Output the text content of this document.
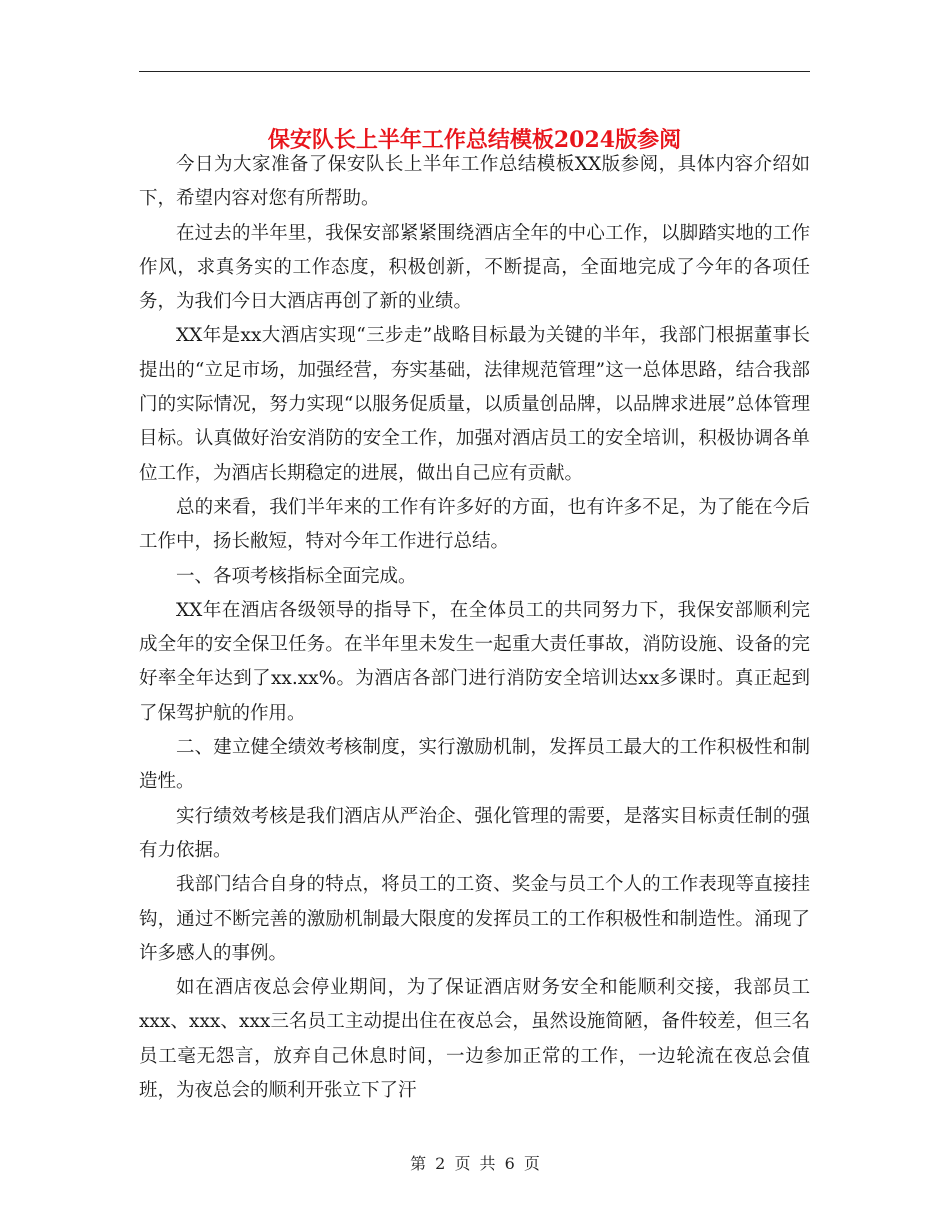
保安队长上半年工作总结模板2024版参阅

今日为大家准备了保安队长上半年工作总结模板XX版参阅，具体内容介绍如下，希望内容对您有所帮助。

在过去的半年里，我保安部紧紧围绕酒店全年的中心工作，以脚踏实地的工作作风，求真务实的工作态度，积极创新，不断提高，全面地完成了今年的各项任务，为我们今日大酒店再创了新的业绩。

XX年是xx大酒店实现“三步走”战略目标最为关键的半年，我部门根据董事长提出的“立足市场，加强经营，夯实基础，法律规范管理”这一总体思路，结合我部门的实际情况，努力实现“以服务促质量，以质量创品牌，以品牌求进展”总体管理目标。认真做好治安消防的安全工作，加强对酒店员工的安全培训，积极协调各单位工作，为酒店长期稳定的进展，做出自己应有贡献。

总的来看，我们半年来的工作有许多好的方面，也有许多不足，为了能在今后工作中，扬长敝短，特对今年工作进行总结。

一、各项考核指标全面完成。

XX年在酒店各级领导的指导下，在全体员工的共同努力下，我保安部顺利完成全年的安全保卫任务。在半年里未发生一起重大责任事故，消防设施、设备的完好率全年达到了xx.xx%。为酒店各部门进行消防安全培训达xx多课时。真正起到了保驾护航的作用。

二、建立健全绩效考核制度，实行激励机制，发挥员工最大的工作积极性和制造性。

实行绩效考核是我们酒店从严治企、强化管理的需要，是落实目标责任制的强有力依据。

我部门结合自身的特点，将员工的工资、奖金与员工个人的工作表现等直接挂钩，通过不断完善的激励机制最大限度的发挥员工的工作积极性和制造性。涌现了许多感人的事例。

如在酒店夜总会停业期间，为了保证酒店财务安全和能顺利交接，我部员工xxx、xxx、xxx三名员工主动提出住在夜总会，虽然设施简陋，备件较差，但三名员工毫无怨言，放弃自己休息时间，一边参加正常的工作，一边轮流在夜总会值班，为夜总会的顺利开张立下了汗

第 2 页 共 6 页
